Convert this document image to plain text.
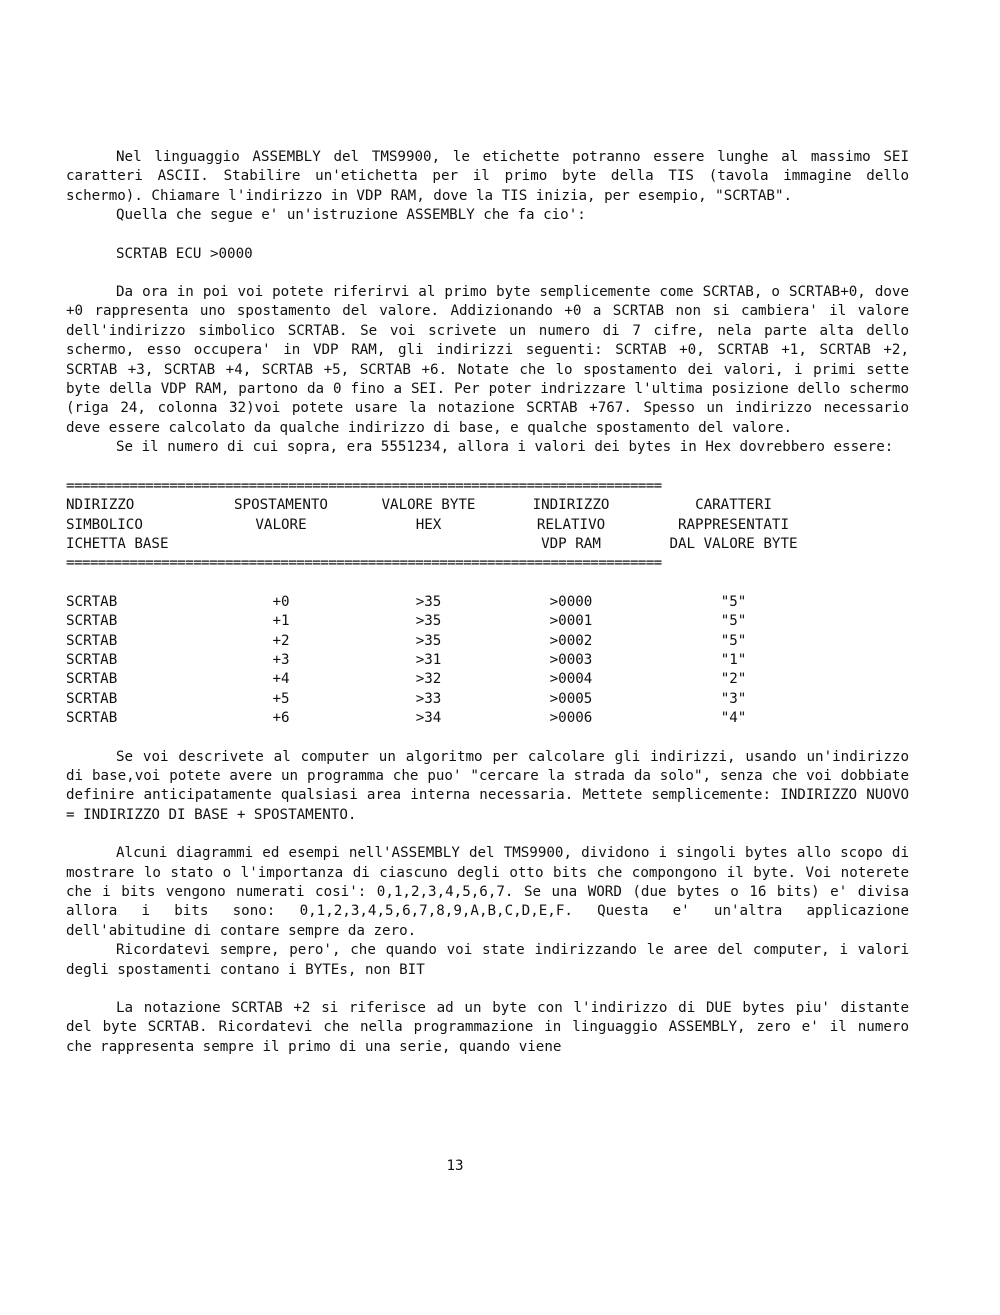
Nel linguaggio ASSEMBLY del TMS9900, le etichette potranno essere lunghe al massimo SEI caratteri ASCII. Stabilire un'etichetta per il primo byte della TIS (tavola immagine dello schermo). Chiamare l'indirizzo in VDP RAM, dove la TIS inizia, per esempio, "SCRTAB".

Quella che segue e' un'istruzione ASSEMBLY che fa cio':

SCRTAB ECU >0000

Da ora in poi voi potete riferirvi al primo byte semplicemente come SCRTAB, o SCRTAB+0, dove +0 rappresenta uno spostamento del valore. Addizionando +0 a SCRTAB non si cambiera' il valore dell'indirizzo simbolico SCRTAB. Se voi scrivete un numero di 7 cifre, nela parte alta dello schermo, esso occupera' in VDP RAM, gli indirizzi seguenti: SCRTAB +0, SCRTAB +1, SCRTAB +2, SCRTAB +3, SCRTAB +4, SCRTAB +5, SCRTAB +6. Notate che lo spostamento dei valori, i primi sette byte della VDP RAM, partono da 0 fino a SEI. Per poter indrizzare l'ultima posizione dello schermo (riga 24, colonna 32)voi potete usare la notazione SCRTAB +767. Spesso un indirizzo necessario deve essere calcolato da qualche indirizzo di base, e qualche spostamento del valore.

Se il numero di cui sopra, era 5551234, allora i valori dei bytes in Hex dovrebbero essere:

===========================================================================

NDIRIZZO	SPOSTAMENTO	VALORE BYTE	INDIRIZZO	CARATTERI
SIMBOLICO	VALORE	HEX	RELATIVO	RAPPRESENTATI
ICHETTA BASE			VDP RAM	DAL VALORE BYTE

===========================================================================

SCRTAB	+0	>35	>0000	"5"
SCRTAB	+1	>35	>0001	"5"
SCRTAB	+2	>35	>0002	"5"
SCRTAB	+3	>31	>0003	"1"
SCRTAB	+4	>32	>0004	"2"
SCRTAB	+5	>33	>0005	"3"
SCRTAB	+6	>34	>0006	"4"

Se voi descrivete al computer un algoritmo per calcolare gli indirizzi, usando un'indirizzo di base,voi potete avere un programma che puo' "cercare la strada da solo", senza che voi dobbiate definire anticipatamente qualsiasi area interna necessaria. Mettete semplicemente: INDIRIZZO NUOVO = INDIRIZZO DI BASE + SPOSTAMENTO.

Alcuni diagrammi ed esempi nell'ASSEMBLY del TMS9900, dividono i singoli bytes allo scopo di mostrare lo stato o l'importanza di ciascuno degli otto bits che compongono il byte. Voi noterete che i bits vengono numerati cosi': 0,1,2,3,4,5,6,7. Se una WORD (due bytes o 16 bits) e' divisa allora i bits sono: 0,1,2,3,4,5,6,7,8,9,A,B,C,D,E,F. Questa e' un'altra applicazione dell'abitudine di contare sempre da zero.

Ricordatevi sempre, pero', che quando voi state indirizzando le aree del computer, i valori degli spostamenti contano i BYTEs, non BIT

La notazione SCRTAB +2 si riferisce ad un byte con l'indirizzo di DUE bytes piu' distante del byte SCRTAB. Ricordatevi che nella programmazione in linguaggio ASSEMBLY, zero e' il numero che rappresenta sempre il primo di una serie, quando viene

13
